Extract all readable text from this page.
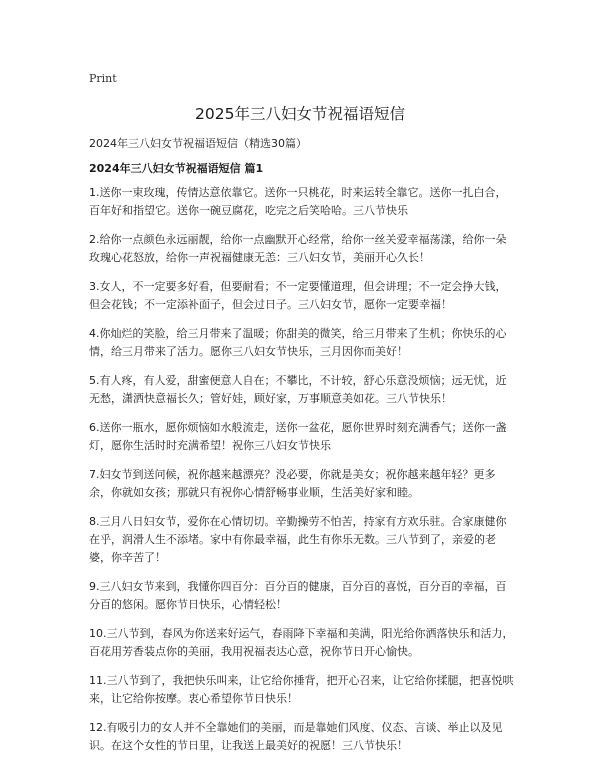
Print
2025年三八妇女节祝福语短信
2024年三八妇女节祝福语短信（精选30篇）
2024年三八妇女节祝福语短信 篇1

1.送你一束玫瑰，传情达意依靠它。送你一只桃花，时来运转全靠它。送你一扎白合，百年好和指望它。送你一碗豆腐花，吃完之后笑哈哈。三八节快乐

2.给你一点颜色永远丽靓，给你一点幽默开心经常，给你一丝关爱幸福荡漾，给你一朵玫瑰心花怒放，给你一声祝福健康无恙：三八妇女节，美丽开心久长！

3.女人，不一定要多好看，但要耐看；不一定要懂道理，但会讲理；不一定会挣大钱，但会花钱；不一定添补面子，但会过日子。三八妇女节，愿你一定要幸福！

4.你灿烂的笑脸，给三月带来了温暖；你甜美的微笑，给三月带来了生机；你快乐的心情，给三月带来了活力。愿你三八妇女节快乐，三月因你而美好！

5.有人疼，有人爱，甜蜜便意人自在；不攀比，不计较，舒心乐意没烦恼；远无忧，近无愁，潇洒快意福长久；管好娃，顾好家，万事顺意美如花。三八节快乐！

6.送你一瓶水，愿你烦恼如水般流走，送你一盆花，愿你世界时刻充满香气；送你一盏灯，愿你生活时时充满希望！祝你三八妇女节快乐

7.妇女节到送问候，祝你越来越漂亮？没必要，你就是美女；祝你越来越年轻？更多余，你就如女孩；那就只有祝你心情舒畅事业顺，生活美好家和睦。

8.三月八日妇女节，爱你在心情切切。辛勤操劳不怕苦，持家有方欢乐驻。合家康健你在乎，润滑人生不添堵。家中有你最幸福，此生有你乐无数。三八节到了，亲爱的老婆，你辛苦了！

9.三八妇女节来到，我懂你四百分：百分百的健康，百分百的喜悦，百分百的幸福，百分百的悠闲。愿你节日快乐，心情轻松！

10.三八节到，春风为你送来好运气，春雨降下幸福和美满，阳光给你洒落快乐和活力，百花用芳香装点你的美丽，我用祝福表达心意，祝你节日开心愉快。

11.三八节到了，我把快乐叫来，让它给你捶背，把开心召来，让它给你揉腿，把喜悦哄来，让它给你按摩。衷心希望你节日快乐！

12.有吸引力的女人并不全靠她们的美丽，而是靠她们风度、仪态、言谈、举止以及见识。在这个女性的节日里，让我送上最美好的祝愿！三八节快乐！
